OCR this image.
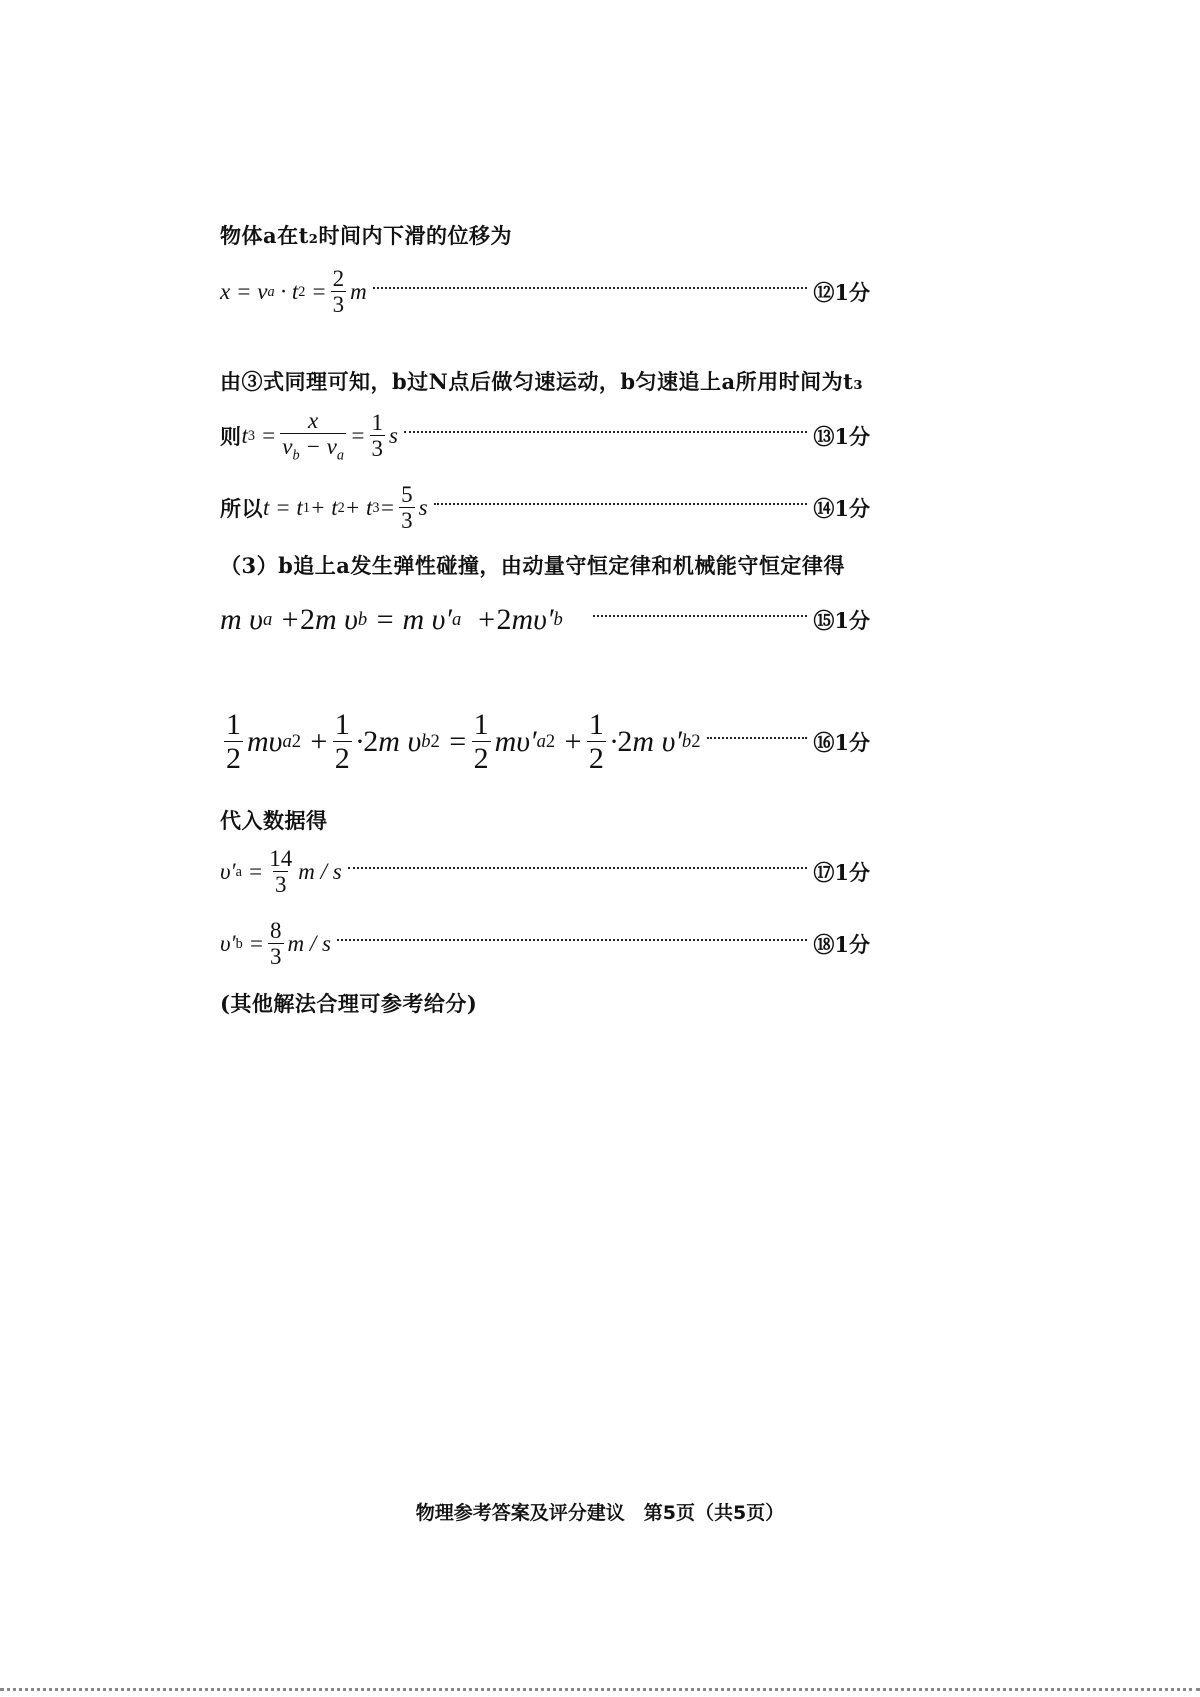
物体a在t₂时间内下滑的位移为
x = v a · t $2 = \frac{2}{3}$ m	⑫1分
由③式同理可知，b过N点后做匀速运动，b匀速追上a所用时间为t₃
则 t $3 = \frac{x}{v_b - v_a} = \frac{1}{3}$ s	⑬1分
所以 t = t 1 + t 2 + t $3 = \frac{5}{3}$ s	⑭1分
（3）b追上a发生弹性碰撞，由动量守恒定律和机械能守恒定律得
m υ a + 2 m υ b = m υ′ a + 2 mυ′ b	⑮1分
$\frac{1}{2}$ mυ a $2 + \frac{1}{2} \cdot 2$ m υ b $2 = \frac{1}{2} m\upsilon'$ a $2 + \frac{1}{2} \cdot 2$ m υ′ b 2	⑯1分
代入数据得
υ′ $a = \frac{14}{3}$ m / s	⑰1分
υ′ $b = \frac{8}{3}$ m / s	⑱1分
(其他解法合理可参考给分)
物理参考答案及评分建议　第5页（共5页）
